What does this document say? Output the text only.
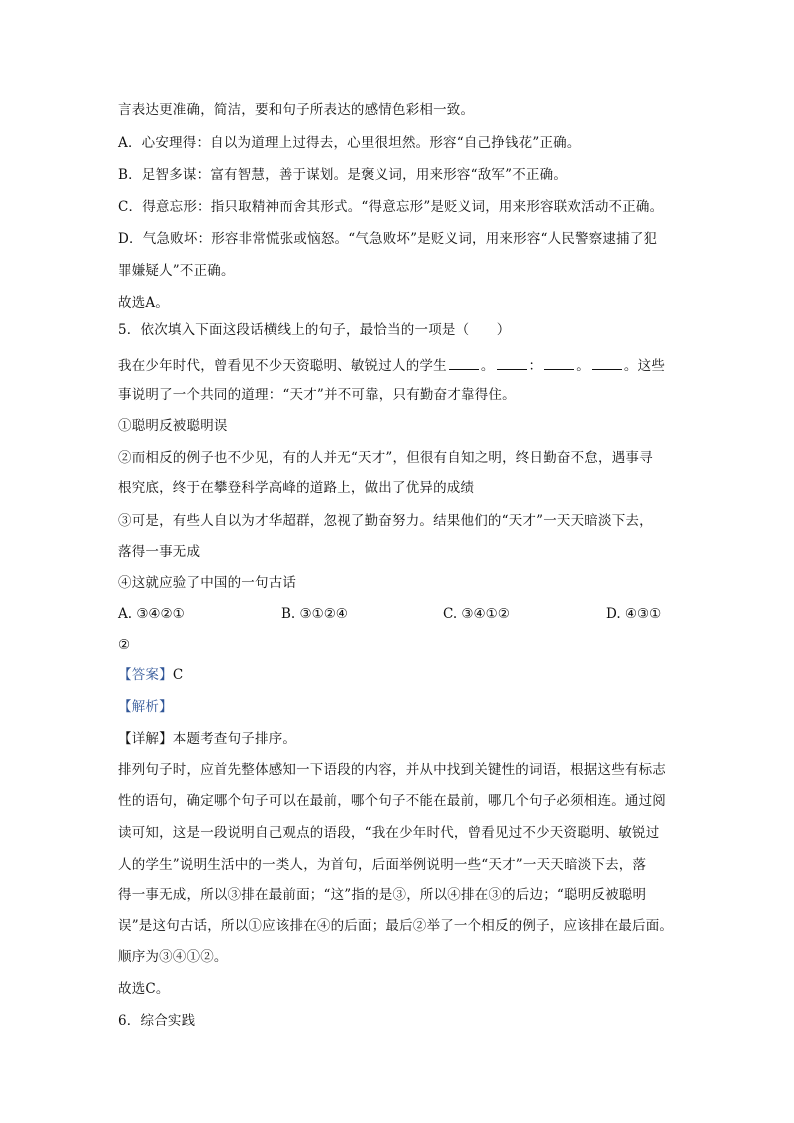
言表达更准确，简洁，要和句子所表达的感情色彩相一致。
A．心安理得：自以为道理上过得去，心里很坦然。形容“自己挣钱花”正确。
B．足智多谋：富有智慧，善于谋划。是褒义词，用来形容“敌军”不正确。
C．得意忘形：指只取精神而舍其形式。“得意忘形”是贬义词，用来形容联欢活动不正确。
D．气急败坏：形容非常慌张或恼怒。“气急败坏”是贬义词，用来形容“人民警察逮捕了犯
罪嫌疑人”不正确。
故选A。
5．依次填入下面这段话横线上的句子，最恰当的一项是（　　）
我在少年时代，曾看见不少天资聪明、敏锐过人的学生	。	：	。	。这些
事说明了一个共同的道理：“天才”并不可靠，只有勤奋才靠得住。
①聪明反被聪明误
②而相反的例子也不少见，有的人并无“天才”，但很有自知之明，终日勤奋不怠，遇事寻
根究底，终于在攀登科学高峰的道路上，做出了优异的成绩
③可是，有些人自以为才华超群，忽视了勤奋努力。结果他们的“天才”一天天暗淡下去，
落得一事无成
④这就应验了中国的一句古话
A. ③④②①	B. ③①②④	C. ③④①②	D. ④③①
②
【答案】C
【解析】
【详解】本题考查句子排序。
排列句子时，应首先整体感知一下语段的内容，并从中找到关键性的词语，根据这些有标志
性的语句，确定哪个句子可以在最前，哪个句子不能在最前，哪几个句子必须相连。通过阅
读可知，这是一段说明自己观点的语段，“我在少年时代，曾看见过不少天资聪明、敏锐过
人的学生”说明生活中的一类人，为首句，后面举例说明一些“天才”一天天暗淡下去，落
得一事无成，所以③排在最前面；“这”指的是③，所以④排在③的后边；“聪明反被聪明
误”是这句古话，所以①应该排在④的后面；最后②举了一个相反的例子，应该排在最后面。
顺序为③④①②。
故选C。
6．综合实践
